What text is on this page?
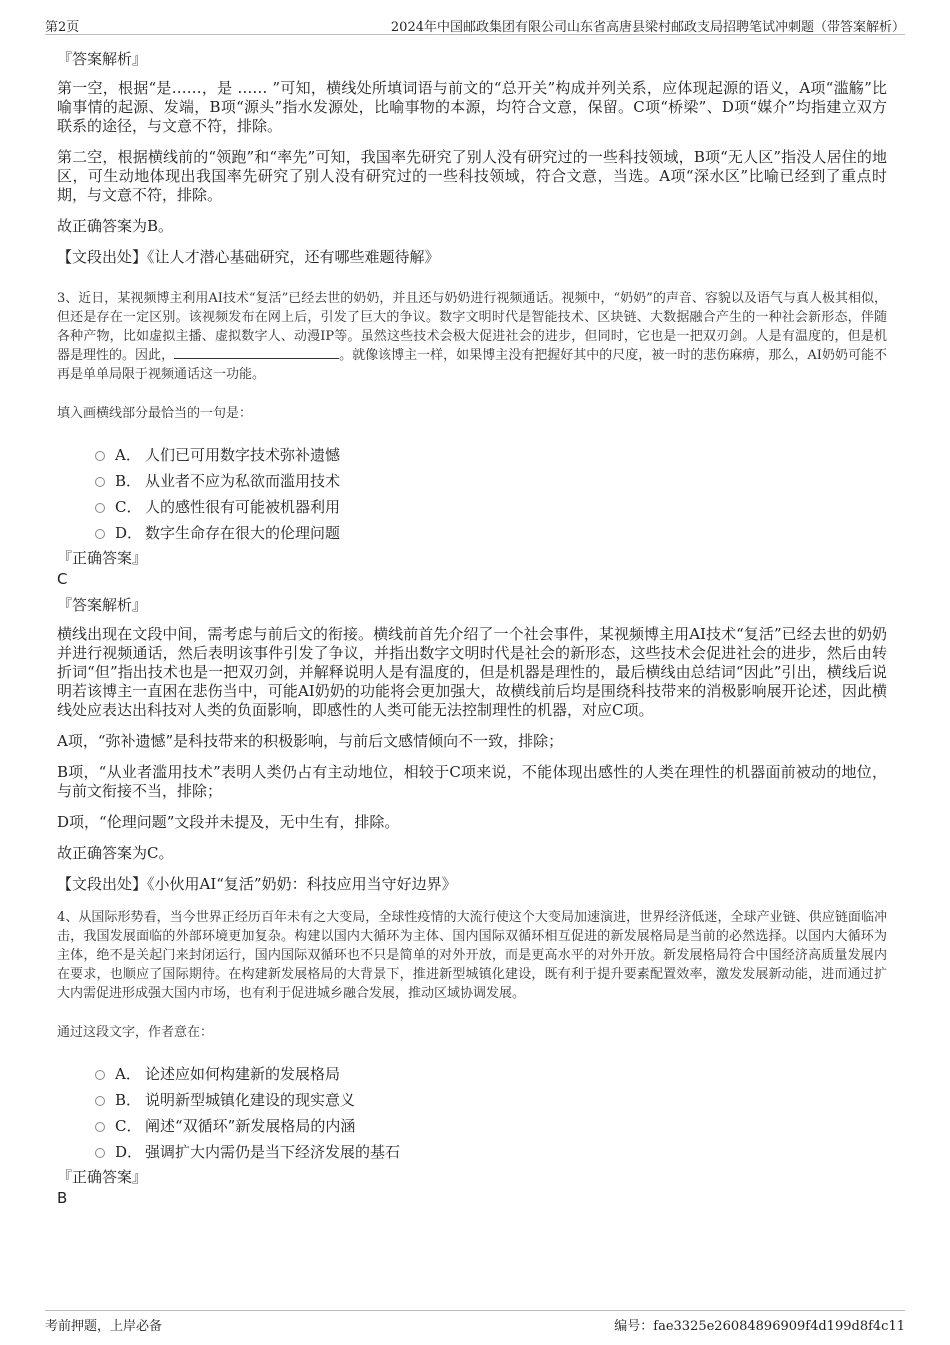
第2页	2024年中国邮政集团有限公司山东省高唐县梁村邮政支局招聘笔试冲刺题（带答案解析）
『答案解析』

第一空，根据“是……，是 …… ”可知，横线处所填词语与前文的“总开关”构成并列关系，应体现起源的语义，A项“滥觞”比喻事情的起源、发端，B项“源头”指水发源处，比喻事物的本源，均符合文意，保留。C项“桥梁”、D项“媒介”均指建立双方联系的途径，与文意不符，排除。

第二空，根据横线前的“领跑”和“率先”可知，我国率先研究了别人没有研究过的一些科技领域，B项“无人区”指没人居住的地区，可生动地体现出我国率先研究了别人没有研究过的一些科技领域，符合文意，当选。A项“深水区”比喻已经到了重点时期，与文意不符，排除。

故正确答案为B。

【文段出处】《让人才潜心基础研究，还有哪些难题待解》

3、近日，某视频博主利用AI技术“复活”已经去世的奶奶，并且还与奶奶进行视频通话。视频中，“奶奶”的声音、容貌以及语气与真人极其相似，但还是存在一定区别。该视频发布在网上后，引发了巨大的争议。数字文明时代是智能技术、区块链、大数据融合产生的一种社会新形态，伴随各种产物，比如虚拟主播、虚拟数字人、动漫IP等。虽然这些技术会极大促进社会的进步，但同时，它也是一把双刃剑。人是有温度的，但是机器是理性的。因此，	。就像该博主一样，如果博主没有把握好其中的尺度，被一时的悲伤麻痹，那么，AI奶奶可能不再是单单局限于视频通话这一功能。

填入画横线部分最恰当的一句是：
A． 人们已可用数字技术弥补遗憾
B． 从业者不应为私欲而滥用技术
C． 人的感性很有可能被机器利用
D． 数字生命存在很大的伦理问题
『正确答案』
C
『答案解析』

横线出现在文段中间，需考虑与前后文的衔接。横线前首先介绍了一个社会事件，某视频博主用AI技术“复活”已经去世的奶奶并进行视频通话，然后表明该事件引发了争议，并指出数字文明时代是社会的新形态，这些技术会促进社会的进步，然后由转折词“但”指出技术也是一把双刃剑，并解释说明人是有温度的，但是机器是理性的，最后横线由总结词“因此”引出，横线后说明若该博主一直困在悲伤当中，可能AI奶奶的功能将会更加强大，故横线前后均是围绕科技带来的消极影响展开论述，因此横线处应表达出科技对人类的负面影响，即感性的人类可能无法控制理性的机器，对应C项。

A项，“弥补遗憾”是科技带来的积极影响，与前后文感情倾向不一致，排除；

B项，“从业者滥用技术”表明人类仍占有主动地位，相较于C项来说，不能体现出感性的人类在理性的机器面前被动的地位，与前文衔接不当，排除；

D项，“伦理问题”文段并未提及，无中生有，排除。

故正确答案为C。

【文段出处】《小伙用AI“复活”奶奶：科技应用当守好边界》

4、从国际形势看，当今世界正经历百年未有之大变局，全球性疫情的大流行使这个大变局加速演进，世界经济低迷，全球产业链、供应链面临冲击，我国发展面临的外部环境更加复杂。构建以国内大循环为主体、国内国际双循环相互促进的新发展格局是当前的必然选择。以国内大循环为主体，绝不是关起门来封闭运行，国内国际双循环也不只是简单的对外开放，而是更高水平的对外开放。新发展格局符合中国经济高质量发展内在要求，也顺应了国际期待。在构建新发展格局的大背景下，推进新型城镇化建设，既有利于提升要素配置效率，激发发展新动能，进而通过扩大内需促进形成强大国内市场，也有利于促进城乡融合发展，推动区域协调发展。

通过这段文字，作者意在：
A． 论述应如何构建新的发展格局
B． 说明新型城镇化建设的现实意义
C． 阐述“双循环”新发展格局的内涵
D． 强调扩大内需仍是当下经济发展的基石
『正确答案』
B
考前押题，上岸必备	编号：fae3325e26084896909f4d199d8f4c11
